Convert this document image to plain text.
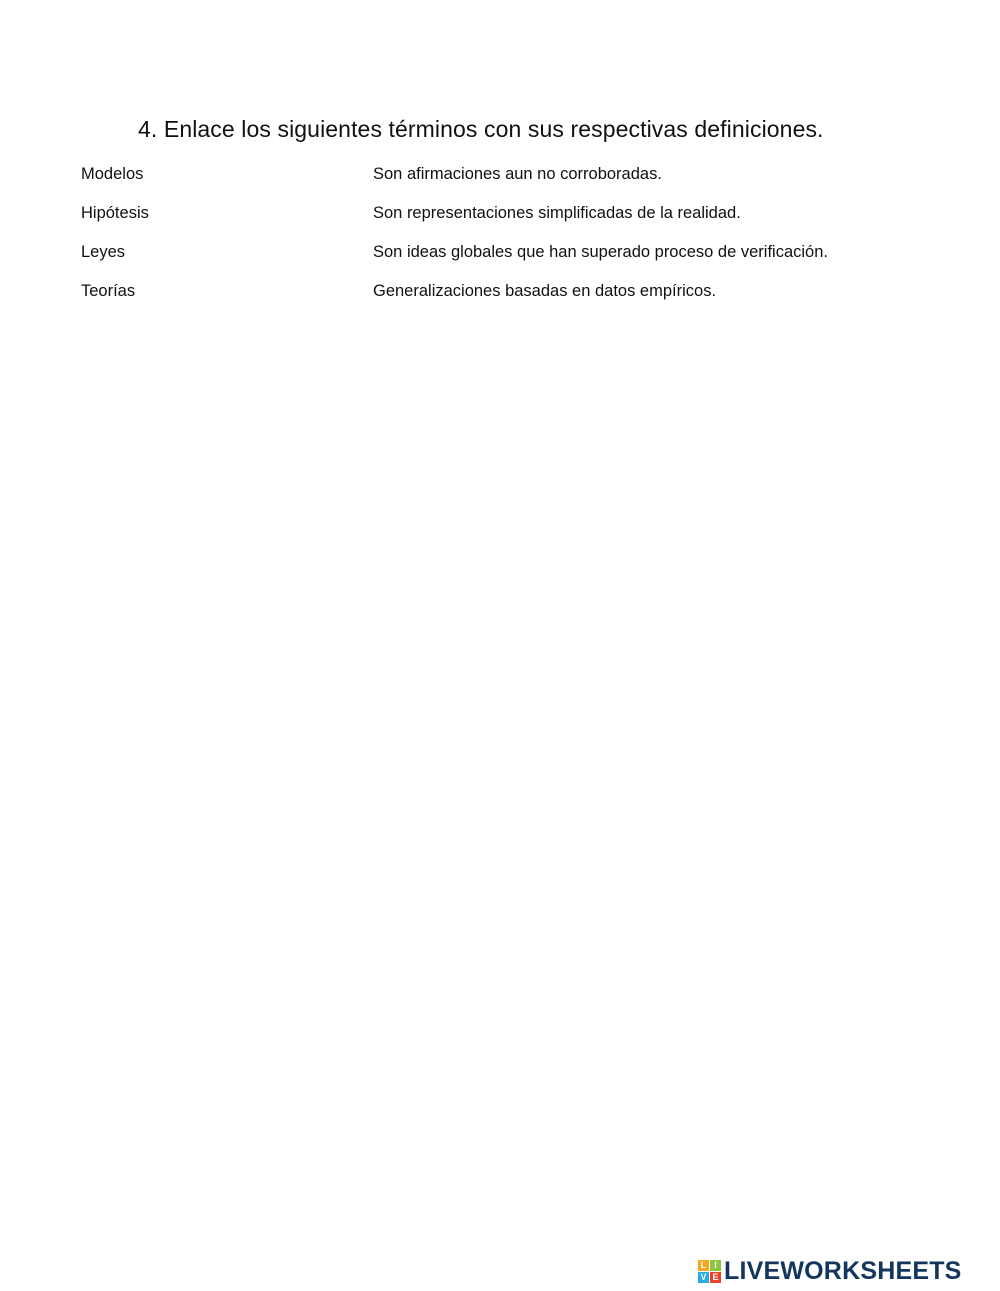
4. Enlace los siguientes términos con sus respectivas definiciones.
Modelos	Son afirmaciones aun no corroboradas.
Hipótesis	Son representaciones simplificadas de la realidad.
Leyes	Son ideas globales que han superado proceso de verificación.
Teorías	Generalizaciones basadas en datos empíricos.
L I
V E LIVEWORKSHEETS
